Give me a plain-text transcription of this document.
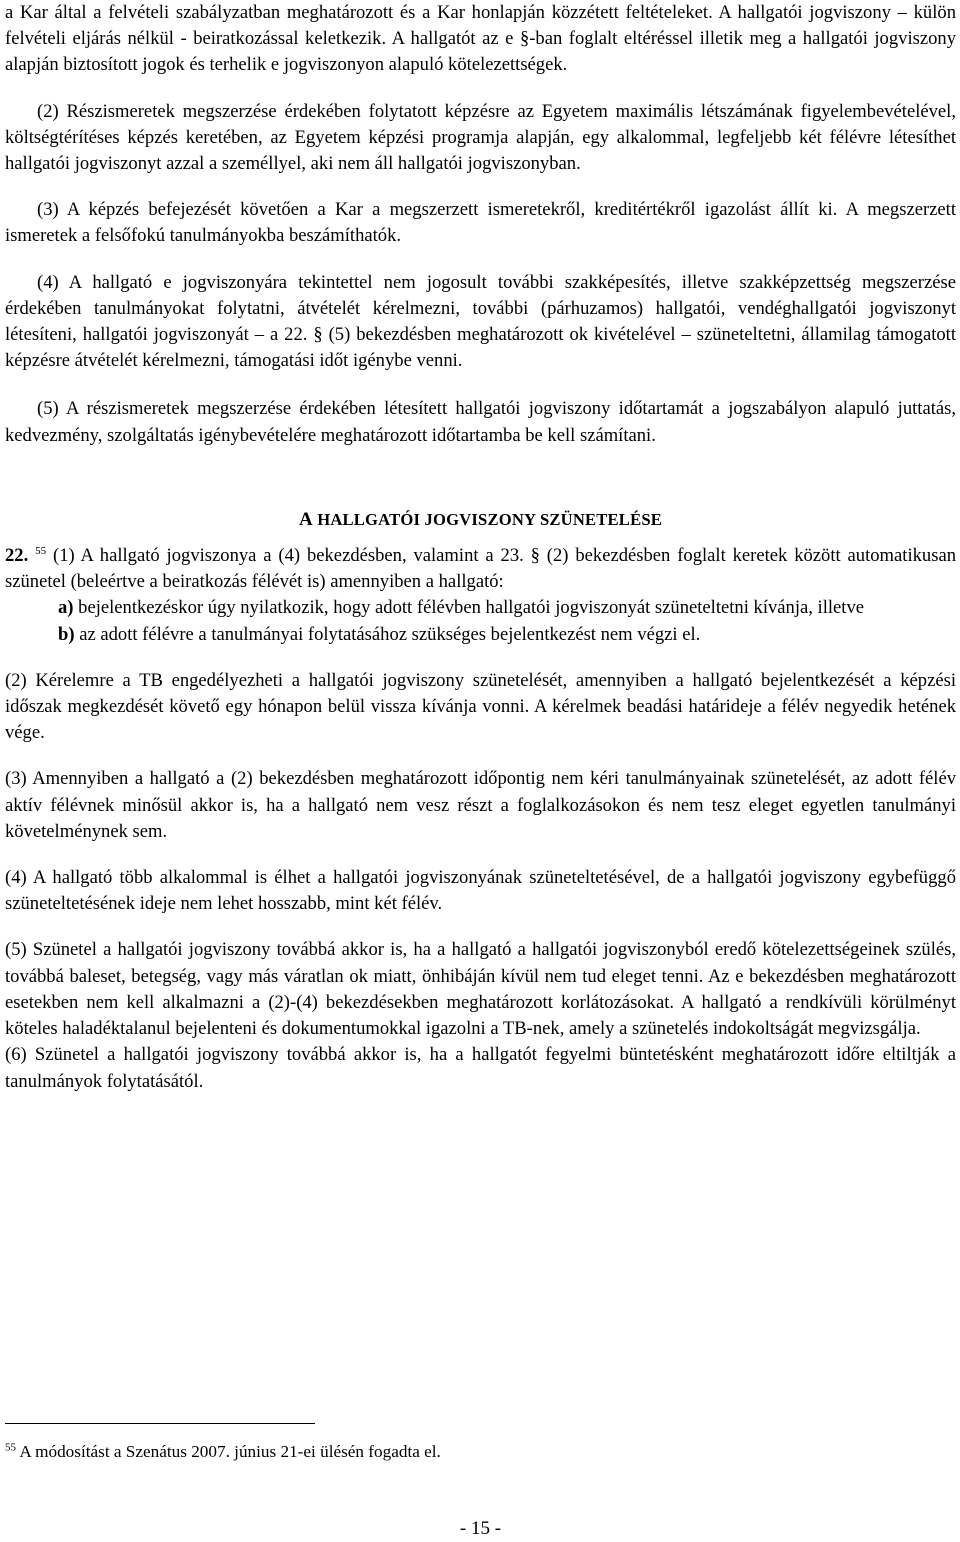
a Kar által a felvételi szabályzatban meghatározott és a Kar honlapján közzétett feltételeket. A hallgatói jogviszony – külön felvételi eljárás nélkül - beiratkozással keletkezik. A hallgatót az e §-ban foglalt eltéréssel illetik meg a hallgatói jogviszony alapján biztosított jogok és terhelik e jogviszonyon alapuló kötelezettségek.

(2) Részismeretek megszerzése érdekében folytatott képzésre az Egyetem maximális létszámának figyelembevételével, költségtérítéses képzés keretében, az Egyetem képzési programja alapján, egy alkalommal, legfeljebb két félévre létesíthet hallgatói jogviszonyt azzal a személlyel, aki nem áll hallgatói jogviszonyban.

(3) A képzés befejezését követően a Kar a megszerzett ismeretekről, kreditértékről igazolást állít ki. A megszerzett ismeretek a felsőfokú tanulmányokba beszámíthatók.

(4) A hallgató e jogviszonyára tekintettel nem jogosult további szakképesítés, illetve szakképzettség megszerzése érdekében tanulmányokat folytatni, átvételét kérelmezni, további (párhuzamos) hallgatói, vendéghallgatói jogviszonyt létesíteni, hallgatói jogviszonyát – a 22. § (5) bekezdésben meghatározott ok kivételével – szüneteltetni, államilag támogatott képzésre átvételét kérelmezni, támogatási időt igénybe venni.

(5) A részismeretek megszerzése érdekében létesített hallgatói jogviszony időtartamát a jogszabályon alapuló juttatás, kedvezmény, szolgáltatás igénybevételére meghatározott időtartamba be kell számítani.

A HALLGATÓI JOGVISZONY SZÜNETELÉSE

22. $^{55}$ (1) A hallgató jogviszonya a (4) bekezdésben, valamint a 23. § (2) bekezdésben foglalt keretek között automatikusan szünetel (beleértve a beiratkozás félévét is) amennyiben a hallgató:

a) bejelentkezéskor úgy nyilatkozik, hogy adott félévben hallgatói jogviszonyát szüneteltetni kívánja, illetve

b) az adott félévre a tanulmányai folytatásához szükséges bejelentkezést nem végzi el.

(2) Kérelemre a TB engedélyezheti a hallgatói jogviszony szünetelését, amennyiben a hallgató bejelentkezését a képzési időszak megkezdését követő egy hónapon belül vissza kívánja vonni. A kérelmek beadási határideje a félév negyedik hetének vége.

(3) Amennyiben a hallgató a (2) bekezdésben meghatározott időpontig nem kéri tanulmányainak szünetelését, az adott félév aktív félévnek minősül akkor is, ha a hallgató nem vesz részt a foglalkozásokon és nem tesz eleget egyetlen tanulmányi követelménynek sem.

(4) A hallgató több alkalommal is élhet a hallgatói jogviszonyának szüneteltetésével, de a hallgatói jogviszony egybefüggő szüneteltetésének ideje nem lehet hosszabb, mint két félév.

(5) Szünetel a hallgatói jogviszony továbbá akkor is, ha a hallgató a hallgatói jogviszonyból eredő kötelezettségeinek szülés, továbbá baleset, betegség, vagy más váratlan ok miatt, önhibáján kívül nem tud eleget tenni. Az e bekezdésben meghatározott esetekben nem kell alkalmazni a (2)-(4) bekezdésekben meghatározott korlátozásokat. A hallgató a rendkívüli körülményt köteles haladéktalanul bejelenteni és dokumentumokkal igazolni a TB-nek, amely a szünetelés indokoltságát megvizsgálja.

(6) Szünetel a hallgatói jogviszony továbbá akkor is, ha a hallgatót fegyelmi büntetésként meghatározott időre eltiltják a tanulmányok folytatásától.

$^{55}$ A módosítást a Szenátus 2007. június 21-ei ülésén fogadta el.
- 15 -
